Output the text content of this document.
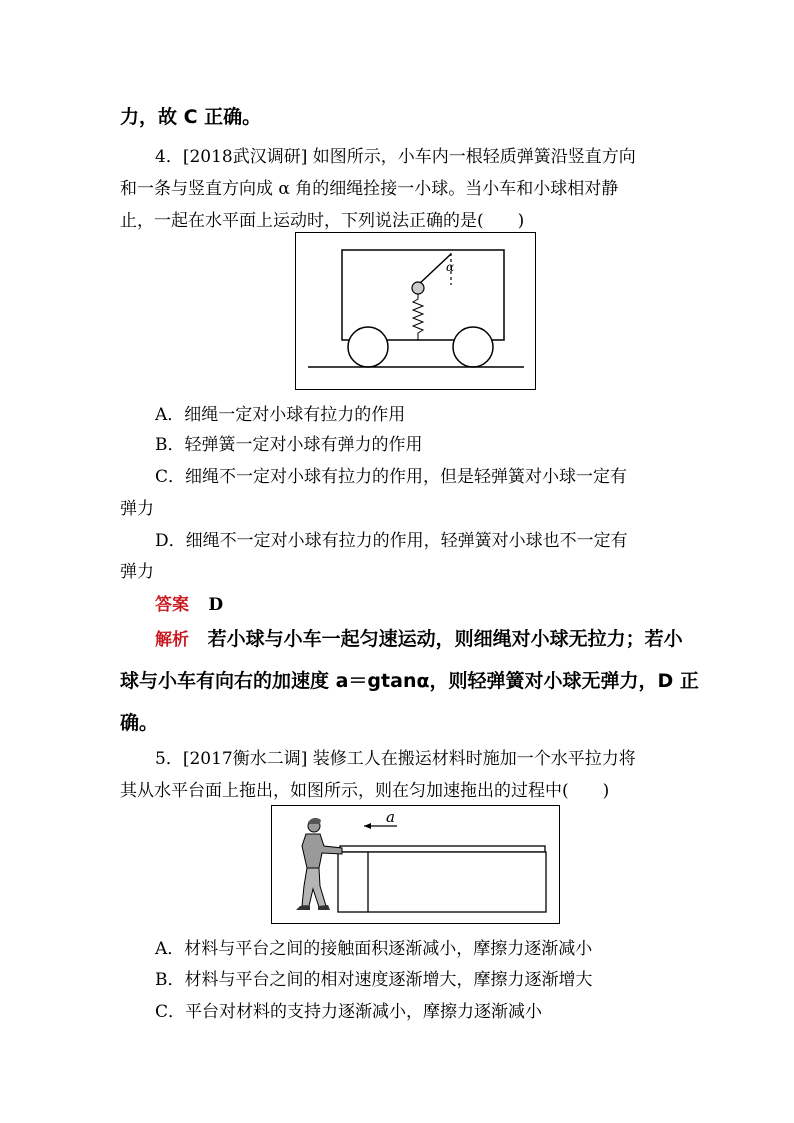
力，故 C 正确。
4．[2018武汉调研] 如图所示，小车内一根轻质弹簧沿竖直方向
和一条与竖直方向成 α 角的细绳拴接一小球。当小车和小球相对静
止，一起在水平面上运动时，下列说法正确的是(　　)
α
A．细绳一定对小球有拉力的作用
B．轻弹簧一定对小球有弹力的作用
C．细绳不一定对小球有拉力的作用，但是轻弹簧对小球一定有
弹力
D．细绳不一定对小球有拉力的作用，轻弹簧对小球也不一定有
弹力
答案 D
解析 若小球与小车一起匀速运动，则细绳对小球无拉力；若小
球与小车有向右的加速度 a＝gtanα，则轻弹簧对小球无弹力，D 正
确。
5．[2017衡水二调] 装修工人在搬运材料时施加一个水平拉力将
其从水平台面上拖出，如图所示，则在匀加速拖出的过程中(　　)
a
A．材料与平台之间的接触面积逐渐减小，摩擦力逐渐减小
B．材料与平台之间的相对速度逐渐增大，摩擦力逐渐增大
C．平台对材料的支持力逐渐减小，摩擦力逐渐减小
